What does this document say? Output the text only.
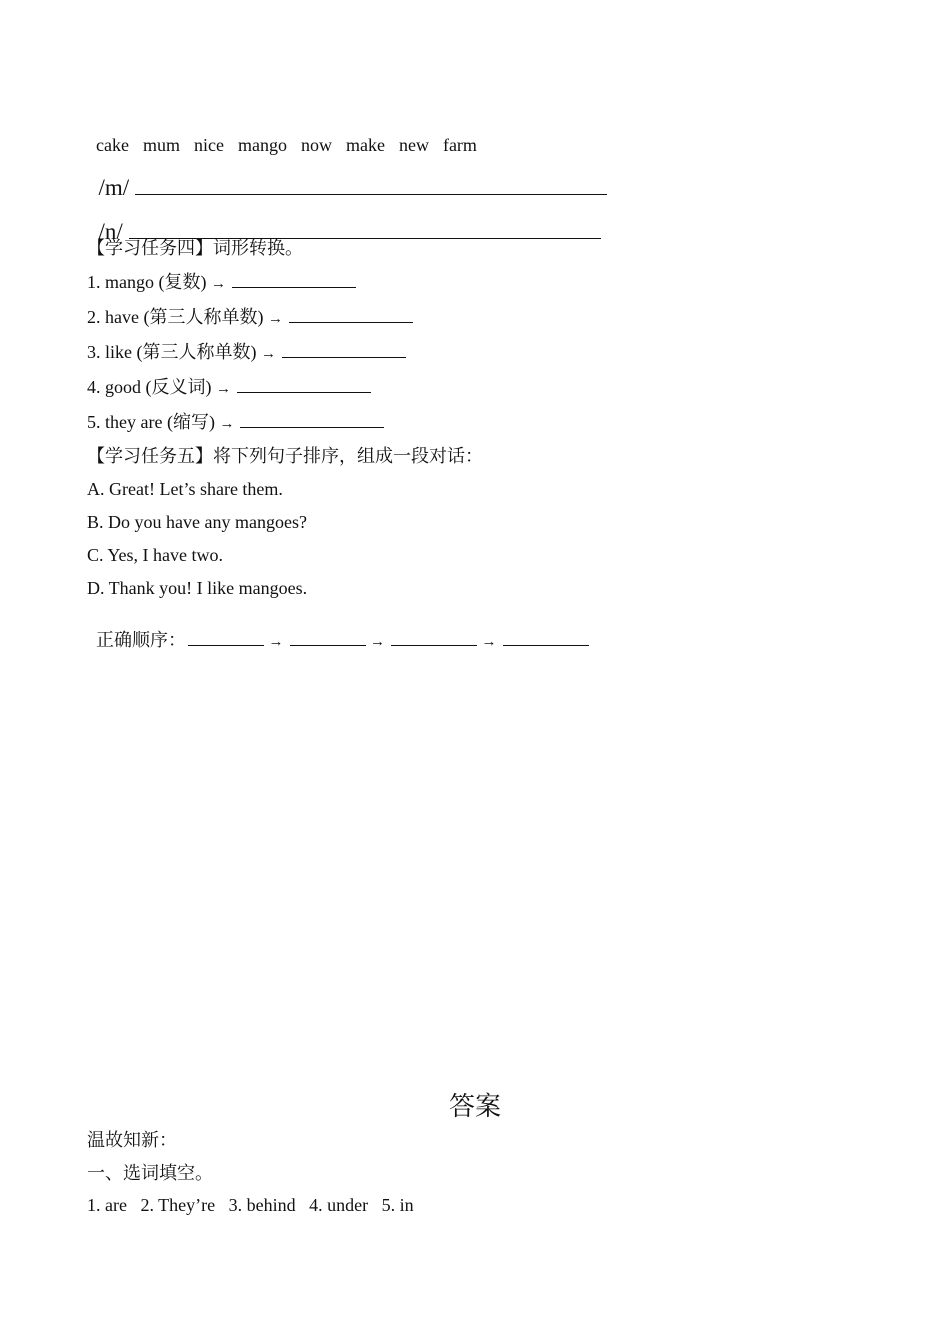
cake mum nice mango now make new farm

/m/

/n/

【学习任务四】词形转换。
1. mango (复数) →
2. have (第三人称单数) →
3. like (第三人称单数) →
4. good (反义词) →
5. they are (缩写) →
【学习任务五】将下列句子排序，组成一段对话：
A. Great! Let’s share them.
B. Do you have any mangoes?
C. Yes, I have two.
D. Thank you! I like mangoes.

正确顺序：	→	→	→

答案
温故知新：
一、选词填空。
1. are   2. They’re   3. behind   4. under   5. in
